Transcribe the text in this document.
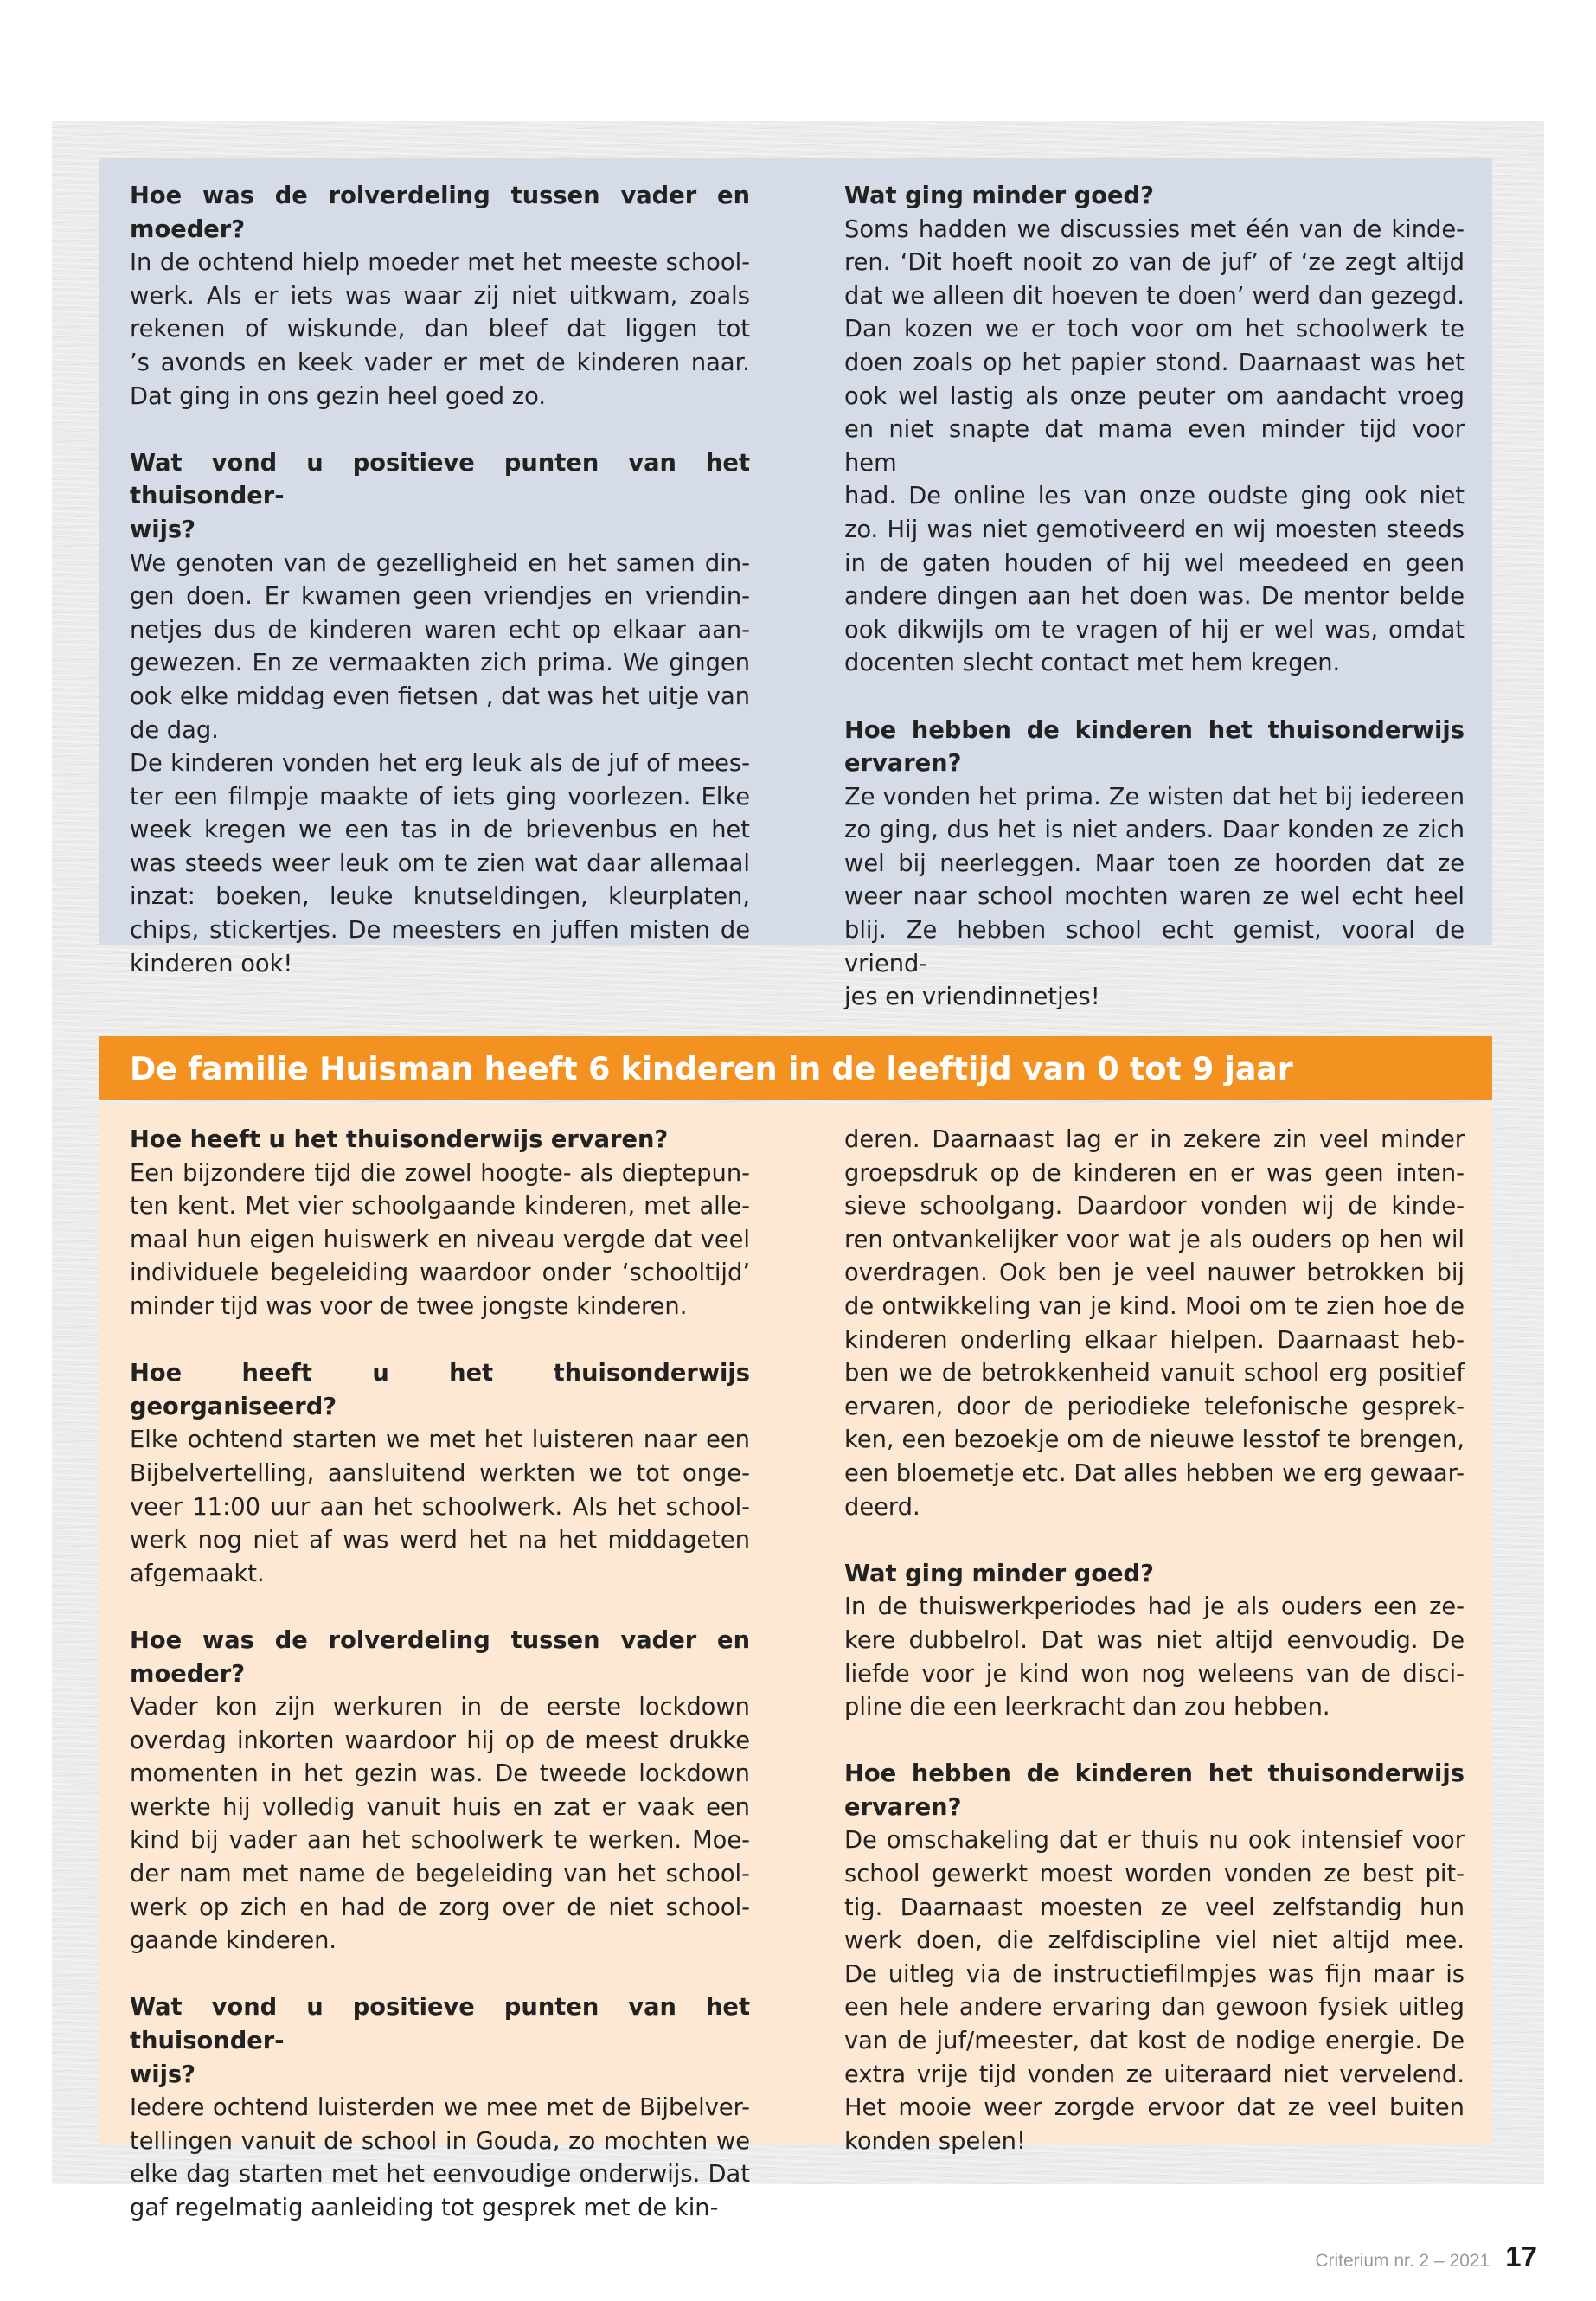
Hoe was de rolverdeling tussen vader en moeder?

In de ochtend hielp moeder met het meeste school-

werk. Als er iets was waar zij niet uitkwam, zoals

rekenen of wiskunde, dan bleef dat liggen tot

’s avonds en keek vader er met de kinderen naar.

Dat ging in ons gezin heel goed zo.

Wat vond u positieve punten van het thuisonder-
wijs?

We genoten van de gezelligheid en het samen din-

gen doen. Er kwamen geen vriendjes en vriendin-

netjes dus de kinderen waren echt op elkaar aan-

gewezen. En ze vermaakten zich prima. We gingen

ook elke middag even fietsen , dat was het uitje van

de dag.

De kinderen vonden het erg leuk als de juf of mees-

ter een filmpje maakte of iets ging voorlezen. Elke

week kregen we een tas in de brievenbus en het

was steeds weer leuk om te zien wat daar allemaal

inzat: boeken, leuke knutseldingen, kleurplaten,

chips, stickertjes. De meesters en juffen misten de

kinderen ook!

Wat ging minder goed?

Soms hadden we discussies met één van de kinde-

ren. ‘Dit hoeft nooit zo van de juf’ of ‘ze zegt altijd

dat we alleen dit hoeven te doen’ werd dan gezegd.

Dan kozen we er toch voor om het schoolwerk te

doen zoals op het papier stond. Daarnaast was het

ook wel lastig als onze peuter om aandacht vroeg

en niet snapte dat mama even minder tijd voor hem

had. De online les van onze oudste ging ook niet

zo. Hij was niet gemotiveerd en wij moesten steeds

in de gaten houden of hij wel meedeed en geen

andere dingen aan het doen was. De mentor belde

ook dikwijls om te vragen of hij er wel was, omdat

docenten slecht contact met hem kregen.

Hoe hebben de kinderen het thuisonderwijs ervaren?

Ze vonden het prima. Ze wisten dat het bij iedereen

zo ging, dus het is niet anders. Daar konden ze zich

wel bij neerleggen. Maar toen ze hoorden dat ze

weer naar school mochten waren ze wel echt heel

blij. Ze hebben school echt gemist, vooral de vriend-

jes en vriendinnetjes!

De familie Huisman heeft 6 kinderen in de leeftijd van 0 tot 9 jaar
Hoe heeft u het thuisonderwijs ervaren?

Een bijzondere tijd die zowel hoogte- als dieptepun-

ten kent. Met vier schoolgaande kinderen, met alle-

maal hun eigen huiswerk en niveau vergde dat veel

individuele begeleiding waardoor onder ‘schooltijd’

minder tijd was voor de twee jongste kinderen.

Hoe heeft u het thuisonderwijs georganiseerd?

Elke ochtend starten we met het luisteren naar een

Bijbelvertelling, aansluitend werkten we tot onge-

veer 11:00 uur aan het schoolwerk. Als het school-

werk nog niet af was werd het na het middageten

afgemaakt.

Hoe was de rolverdeling tussen vader en moeder?

Vader kon zijn werkuren in de eerste lockdown

overdag inkorten waardoor hij op de meest drukke

momenten in het gezin was. De tweede lockdown

werkte hij volledig vanuit huis en zat er vaak een

kind bij vader aan het schoolwerk te werken. Moe-

der nam met name de begeleiding van het school-

werk op zich en had de zorg over de niet school-

gaande kinderen.

Wat vond u positieve punten van het thuisonder-
wijs?

Iedere ochtend luisterden we mee met de Bijbelver-

tellingen vanuit de school in Gouda, zo mochten we

elke dag starten met het eenvoudige onderwijs. Dat

gaf regelmatig aanleiding tot gesprek met de kin-

deren. Daarnaast lag er in zekere zin veel minder

groepsdruk op de kinderen en er was geen inten-

sieve schoolgang. Daardoor vonden wij de kinde-

ren ontvankelijker voor wat je als ouders op hen wil

overdragen. Ook ben je veel nauwer betrokken bij

de ontwikkeling van je kind. Mooi om te zien hoe de

kinderen onderling elkaar hielpen. Daarnaast heb-

ben we de betrokkenheid vanuit school erg positief

ervaren, door de periodieke telefonische gesprek-

ken, een bezoekje om de nieuwe lesstof te brengen,

een bloemetje etc. Dat alles hebben we erg gewaar-

deerd.

Wat ging minder goed?

In de thuiswerkperiodes had je als ouders een ze-

kere dubbelrol. Dat was niet altijd eenvoudig. De

liefde voor je kind won nog weleens van de disci-

pline die een leerkracht dan zou hebben.

Hoe hebben de kinderen het thuisonderwijs ervaren?

De omschakeling dat er thuis nu ook intensief voor

school gewerkt moest worden vonden ze best pit-

tig. Daarnaast moesten ze veel zelfstandig hun

werk doen, die zelfdiscipline viel niet altijd mee.

De uitleg via de instructiefilmpjes was fijn maar is

een hele andere ervaring dan gewoon fysiek uitleg

van de juf/meester, dat kost de nodige energie. De

extra vrije tijd vonden ze uiteraard niet vervelend.

Het mooie weer zorgde ervoor dat ze veel buiten

konden spelen!

Criterium nr. 2 – 2021 17
